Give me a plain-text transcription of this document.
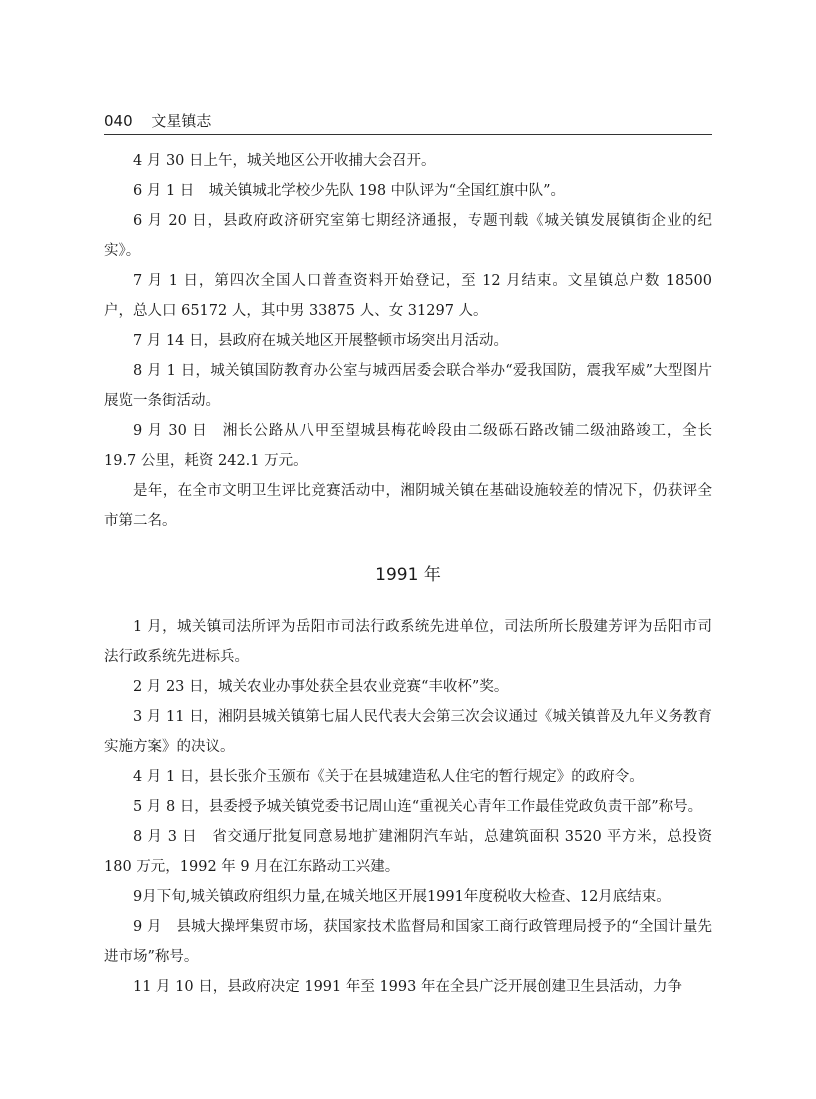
040 文星镇志

4 月 30 日上午，城关地区公开收捕大会召开。

6 月 1 日　城关镇城北学校少先队 198 中队评为“全国红旗中队”。

6 月 20 日，县政府政济研究室第七期经济通报，专题刊载《城关镇发展镇街企业的纪实》。

7 月 1 日，第四次全国人口普查资料开始登记，至 12 月结束。文星镇总户数 18500 户，总人口 65172 人，其中男 33875 人、女 31297 人。

7 月 14 日，县政府在城关地区开展整顿市场突出月活动。

8 月 1 日，城关镇国防教育办公室与城西居委会联合举办“爱我国防，震我军威”大型图片展览一条街活动。

9 月 30 日　湘长公路从八甲至望城县梅花岭段由二级砾石路改铺二级油路竣工，全长 19.7 公里，耗资 242.1 万元。

是年，在全市文明卫生评比竞赛活动中，湘阴城关镇在基础设施较差的情况下，仍获评全市第二名。

1991 年

1 月，城关镇司法所评为岳阳市司法行政系统先进单位，司法所所长殷建芳评为岳阳市司法行政系统先进标兵。

2 月 23 日，城关农业办事处获全县农业竞赛“丰收杯”奖。

3 月 11 日，湘阴县城关镇第七届人民代表大会第三次会议通过《城关镇普及九年义务教育实施方案》的决议。

4 月 1 日，县长张介玉颁布《关于在县城建造私人住宅的暂行规定》的政府令。

5 月 8 日，县委授予城关镇党委书记周山连“重视关心青年工作最佳党政负责干部”称号。

8 月 3 日　省交通厅批复同意易地扩建湘阴汽车站，总建筑面积 3520 平方米，总投资 180 万元，1992 年 9 月在江东路动工兴建。

9月下旬,城关镇政府组织力量,在城关地区开展1991年度税收大检查、12月底结束。

9 月　县城大操坪集贸市场，获国家技术监督局和国家工商行政管理局授予的“全国计量先进市场”称号。

11 月 10 日，县政府决定 1991 年至 1993 年在全县广泛开展创建卫生县活动，力争
